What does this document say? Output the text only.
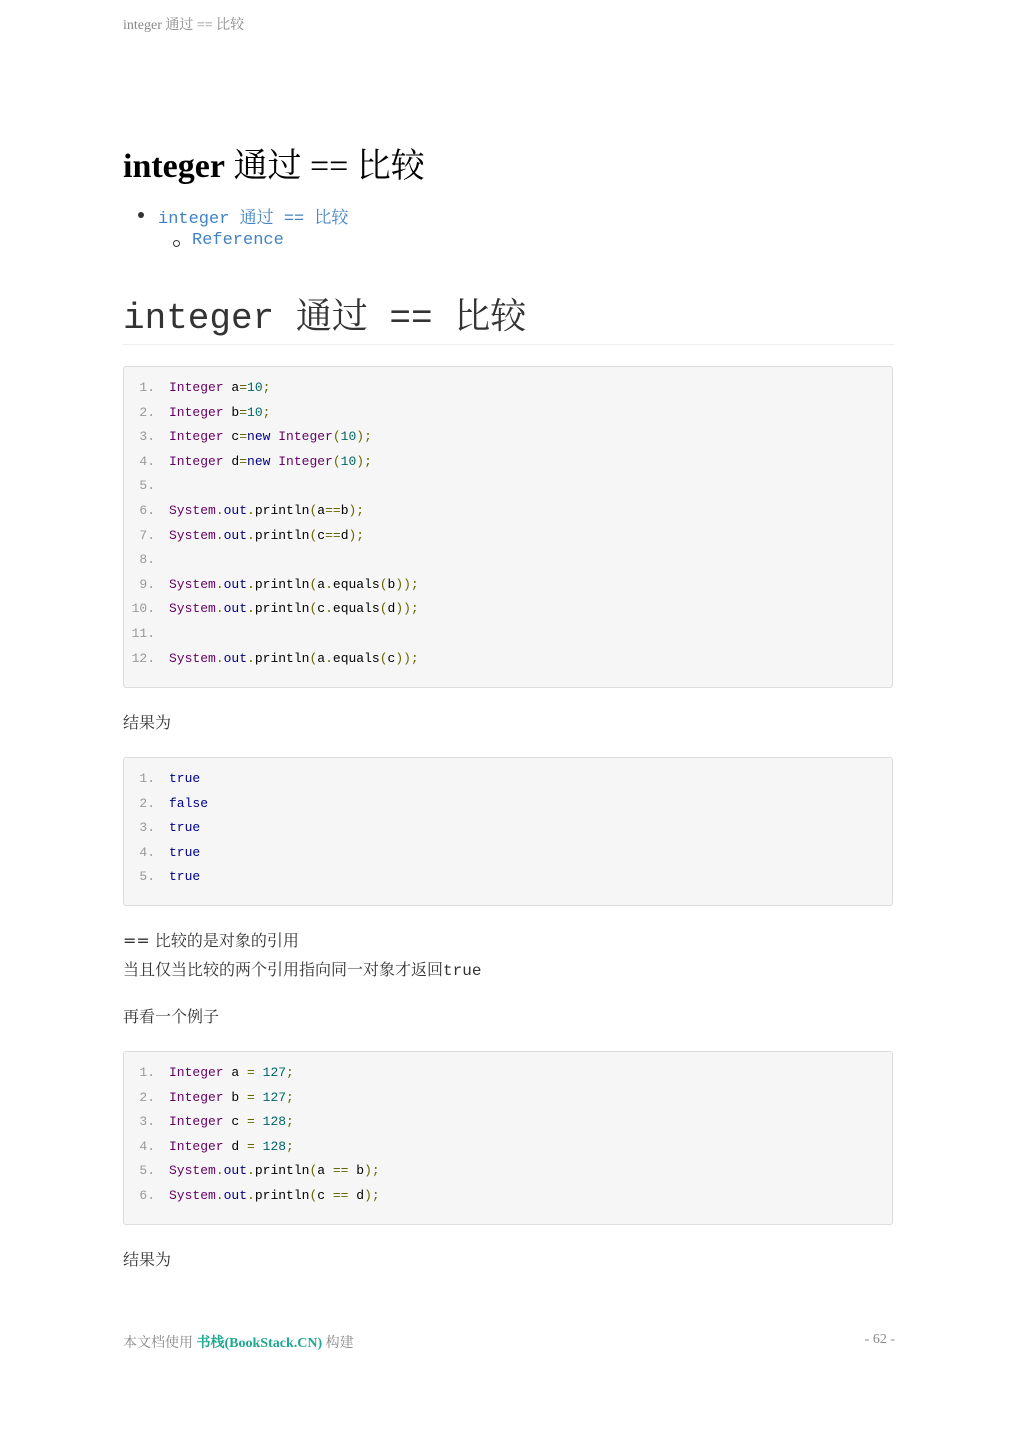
integer 通过 == 比较
integer 通过 == 比较
integer 通过 == 比较
Reference
integer 通过 == 比较
1. Integer a=10;
2. Integer b=10;
3. Integer c=new Integer(10);
4. Integer d=new Integer(10);
5.
6. System.out.println(a==b);
7. System.out.println(c==d);
8.
9. System.out.println(a.equals(b));
10. System.out.println(c.equals(d));
11.
12. System.out.println(a.equals(c));

结果为

1. true
2. false
3. true
4. true
5. true

== 比较的是对象的引用

当且仅当比较的两个引用指向同一对象才返回true

再看一个例子

1. Integer a = 127;
2. Integer b = 127;
3. Integer c = 128;
4. Integer d = 128;
5. System.out.println(a == b);
6. System.out.println(c == d);

结果为

本文档使用 书栈(BookStack.CN) 构建	- 62 -
